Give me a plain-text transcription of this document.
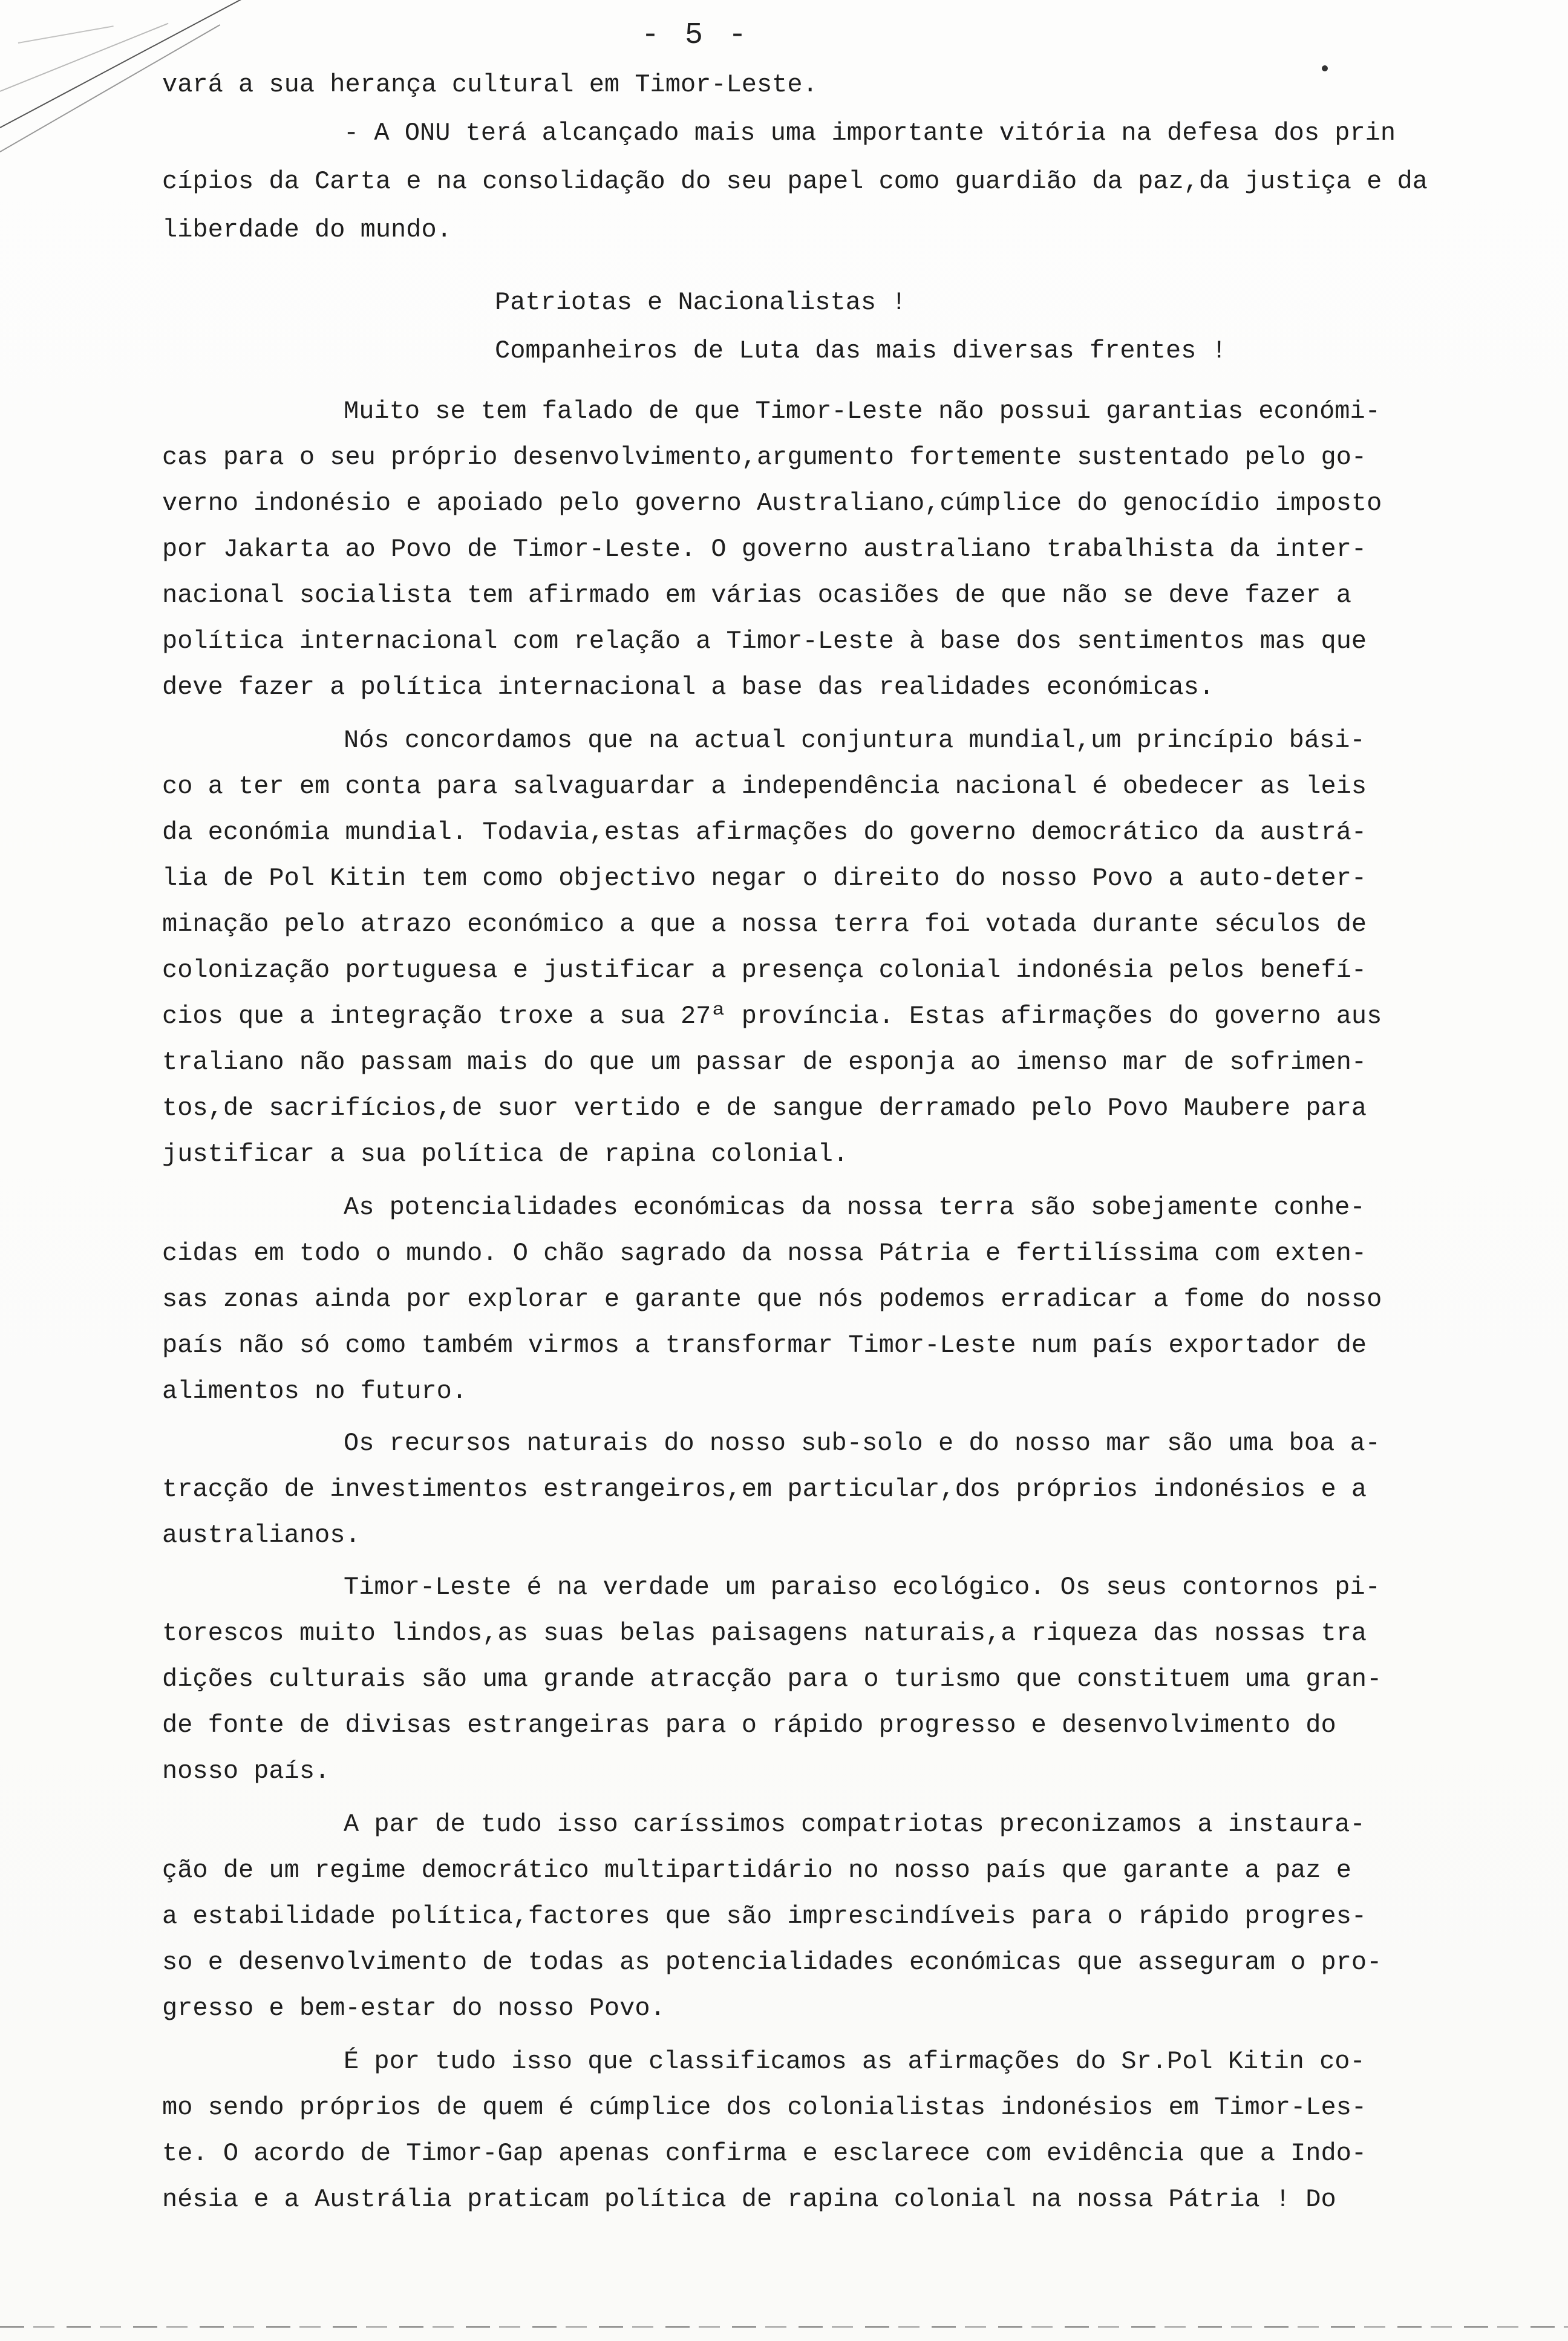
- 5 -
vará a sua herança cultural em Timor-Leste.
- A ONU terá alcançado mais uma importante vitória na defesa dos prin
cípios da Carta e na consolidação do seu papel como guardião da paz,da justiça e da
liberdade do mundo.
Patriotas e Nacionalistas !
Companheiros de Luta das mais diversas frentes !
Muito se tem falado de que Timor-Leste não possui garantias económi-
cas para o seu próprio desenvolvimento,argumento fortemente sustentado pelo go-
verno indonésio e apoiado pelo governo Australiano,cúmplice do genocídio imposto
por Jakarta ao Povo de Timor-Leste. O governo australiano trabalhista da inter-
nacional socialista tem afirmado em várias ocasiões de que não se deve fazer a
política internacional com relação a Timor-Leste à base dos sentimentos mas que
deve fazer a política internacional a base das realidades económicas.
Nós concordamos que na actual conjuntura mundial,um princípio bási-
co a ter em conta para salvaguardar a independência nacional é obedecer as leis
da económia mundial. Todavia,estas afirmações do governo democrático da austrá-
lia de Pol Kitin tem como objectivo negar o direito do nosso Povo a auto-deter-
minação pelo atrazo económico a que a nossa terra foi votada durante séculos de
colonização portuguesa e justificar a presença colonial indonésia pelos benefí-
cios que a integração troxe a sua 27ª província. Estas afirmações do governo aus
traliano não passam mais do que um passar de esponja ao imenso mar de sofrimen-
tos,de sacrifícios,de suor vertido e de sangue derramado pelo Povo Maubere para
justificar a sua política de rapina colonial.
As potencialidades económicas da nossa terra são sobejamente conhe-
cidas em todo o mundo. O chão sagrado da nossa Pátria e fertilíssima com exten-
sas zonas ainda por explorar e garante que nós podemos erradicar a fome do nosso
país não só como também virmos a transformar Timor-Leste num país exportador de
alimentos no futuro.
Os recursos naturais do nosso sub-solo e do nosso mar são uma boa a-
tracção de investimentos estrangeiros,em particular,dos próprios indonésios e a
australianos.
Timor-Leste é na verdade um paraiso ecológico. Os seus contornos pi-
torescos muito lindos,as suas belas paisagens naturais,a riqueza das nossas tra
dições culturais são uma grande atracção para o turismo que constituem uma gran-
de fonte de divisas estrangeiras para o rápido progresso e desenvolvimento do
nosso país.
A par de tudo isso caríssimos compatriotas preconizamos a instaura-
ção de um regime democrático multipartidário no nosso país que garante a paz e
a estabilidade política,factores que são imprescindíveis para o rápido progres-
so e desenvolvimento de todas as potencialidades económicas que asseguram o pro-
gresso e bem-estar do nosso Povo.
É por tudo isso que classificamos as afirmações do Sr.Pol Kitin co-
mo sendo próprios de quem é cúmplice dos colonialistas indonésios em Timor-Les-
te. O acordo de Timor-Gap apenas confirma e esclarece com evidência que a Indo-
nésia e a Austrália praticam política de rapina colonial na nossa Pátria ! Do
